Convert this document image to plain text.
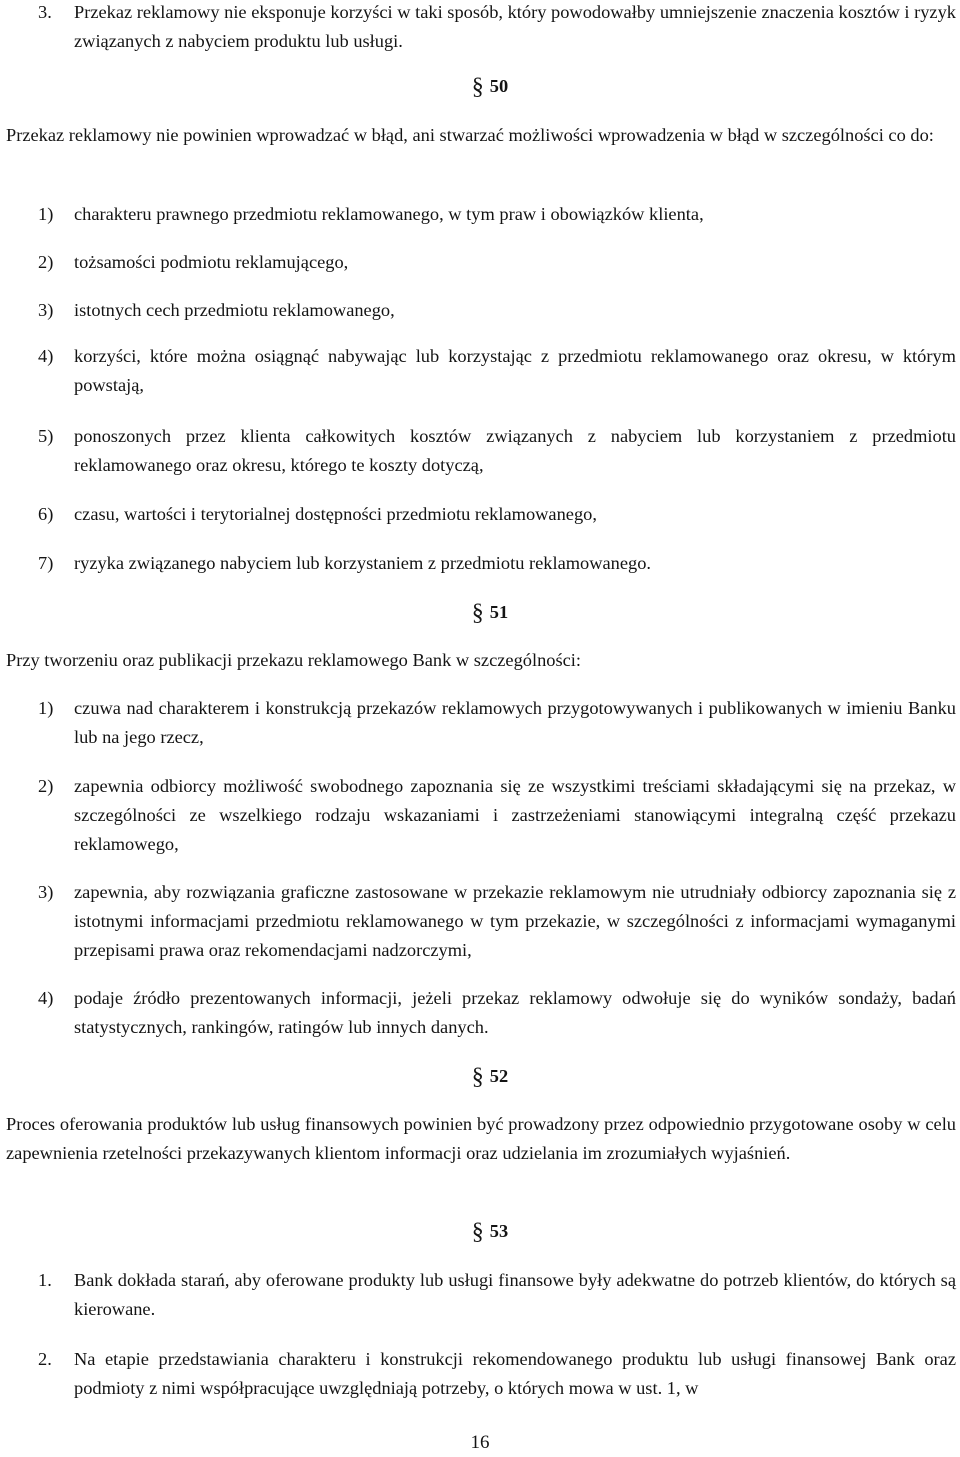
3. Przekaz reklamowy nie eksponuje korzyści w taki sposób, który powodowałby umniejszenie znaczenia kosztów i ryzyk związanych z nabyciem produktu lub usługi.
§ 50
Przekaz reklamowy nie powinien wprowadzać w błąd, ani stwarzać możliwości wprowadzenia w błąd w szczególności co do:
1) charakteru prawnego przedmiotu reklamowanego, w tym praw i obowiązków klienta,
2) tożsamości podmiotu reklamującego,
3) istotnych cech przedmiotu reklamowanego,
4) korzyści, które można osiągnąć nabywając lub korzystając z przedmiotu reklamowanego oraz okresu, w którym powstają,
5) ponoszonych przez klienta całkowitych kosztów związanych z nabyciem lub korzystaniem z przedmiotu reklamowanego oraz okresu, którego te koszty dotyczą,
6) czasu, wartości i terytorialnej dostępności przedmiotu reklamowanego,
7) ryzyka związanego nabyciem lub korzystaniem z przedmiotu reklamowanego.
§ 51
Przy tworzeniu oraz publikacji przekazu reklamowego Bank w szczególności:
1) czuwa nad charakterem i konstrukcją przekazów reklamowych przygotowywanych i publikowanych w imieniu Banku lub na jego rzecz,
2) zapewnia odbiorcy możliwość swobodnego zapoznania się ze wszystkimi treściami składającymi się na przekaz, w szczególności ze wszelkiego rodzaju wskazaniami i zastrzeżeniami stanowiącymi integralną część przekazu reklamowego,
3) zapewnia, aby rozwiązania graficzne zastosowane w przekazie reklamowym nie utrudniały odbiorcy zapoznania się z istotnymi informacjami przedmiotu reklamowanego w tym przekazie, w szczególności z informacjami wymaganymi przepisami prawa oraz rekomendacjami nadzorczymi,
4) podaje źródło prezentowanych informacji, jeżeli przekaz reklamowy odwołuje się do wyników sondaży, badań statystycznych, rankingów, ratingów lub innych danych.
§ 52
Proces oferowania produktów lub usług finansowych powinien być prowadzony przez odpowiednio przygotowane osoby w celu zapewnienia rzetelności przekazywanych klientom informacji oraz udzielania im zrozumiałych wyjaśnień.
§ 53
1. Bank dokłada starań, aby oferowane produkty lub usługi finansowe były adekwatne do potrzeb klientów, do których są kierowane.
2. Na etapie przedstawiania charakteru i konstrukcji rekomendowanego produktu lub usługi finansowej Bank oraz podmioty z nimi współpracujące uwzględniają potrzeby, o których mowa w ust. 1, w
16
